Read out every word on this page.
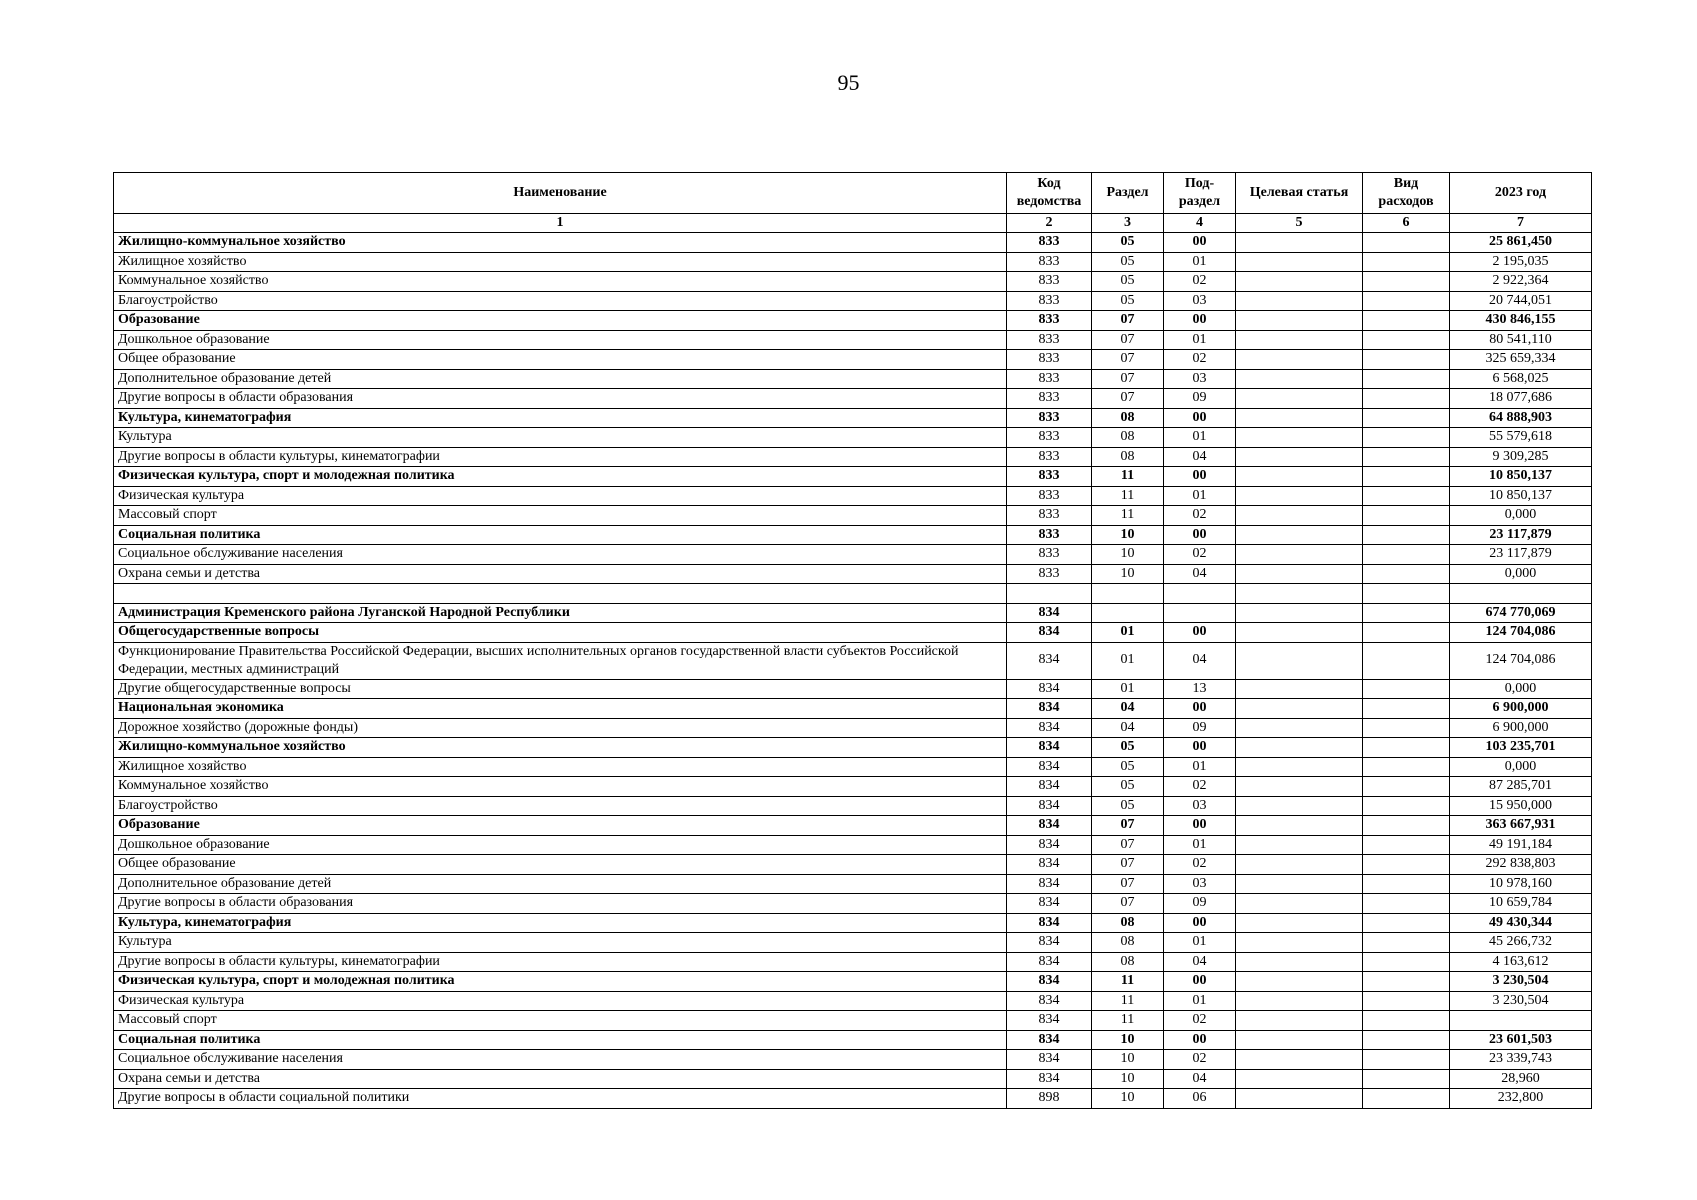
95
Наименование	Код ведомства	Раздел	Под-раздел	Целевая статья	Вид расходов	2023 год
1	2	3	4	5	6	7
Жилищно-коммунальное хозяйство	833	05	00			25 861,450
Жилищное хозяйство	833	05	01			2 195,035
Коммунальное хозяйство	833	05	02			2 922,364
Благоустройство	833	05	03			20 744,051
Образование	833	07	00			430 846,155
Дошкольное образование	833	07	01			80 541,110
Общее образование	833	07	02			325 659,334
Дополнительное образование детей	833	07	03			6 568,025
Другие вопросы в области образования	833	07	09			18 077,686
Культура, кинематография	833	08	00			64 888,903
Культура	833	08	01			55 579,618
Другие вопросы в области культуры, кинематографии	833	08	04			9 309,285
Физическая культура, спорт и молодежная политика	833	11	00			10 850,137
Физическая культура	833	11	01			10 850,137
Массовый спорт	833	11	02			0,000
Социальная политика	833	10	00			23 117,879
Социальное обслуживание населения	833	10	02			23 117,879
Охрана семьи и детства	833	10	04			0,000

Администрация Кременского района Луганской Народной Республики	834					674 770,069
Общегосударственные вопросы	834	01	00			124 704,086
Функционирование Правительства Российской Федерации, высших исполнительных органов государственной власти субъектов Российской Федерации, местных администраций	834	01	04			124 704,086
Другие общегосударственные вопросы	834	01	13			0,000
Национальная экономика	834	04	00			6 900,000
Дорожное хозяйство (дорожные фонды)	834	04	09			6 900,000
Жилищно-коммунальное хозяйство	834	05	00			103 235,701
Жилищное хозяйство	834	05	01			0,000
Коммунальное хозяйство	834	05	02			87 285,701
Благоустройство	834	05	03			15 950,000
Образование	834	07	00			363 667,931
Дошкольное образование	834	07	01			49 191,184
Общее образование	834	07	02			292 838,803
Дополнительное образование детей	834	07	03			10 978,160
Другие вопросы в области образования	834	07	09			10 659,784
Культура, кинематография	834	08	00			49 430,344
Культура	834	08	01			45 266,732
Другие вопросы в области культуры, кинематографии	834	08	04			4 163,612
Физическая культура, спорт и молодежная политика	834	11	00			3 230,504
Физическая культура	834	11	01			3 230,504
Массовый спорт	834	11	02			
Социальная политика	834	10	00			23 601,503
Социальное обслуживание населения	834	10	02			23 339,743
Охрана семьи и детства	834	10	04			28,960
Другие вопросы в области социальной политики	898	10	06			232,800
